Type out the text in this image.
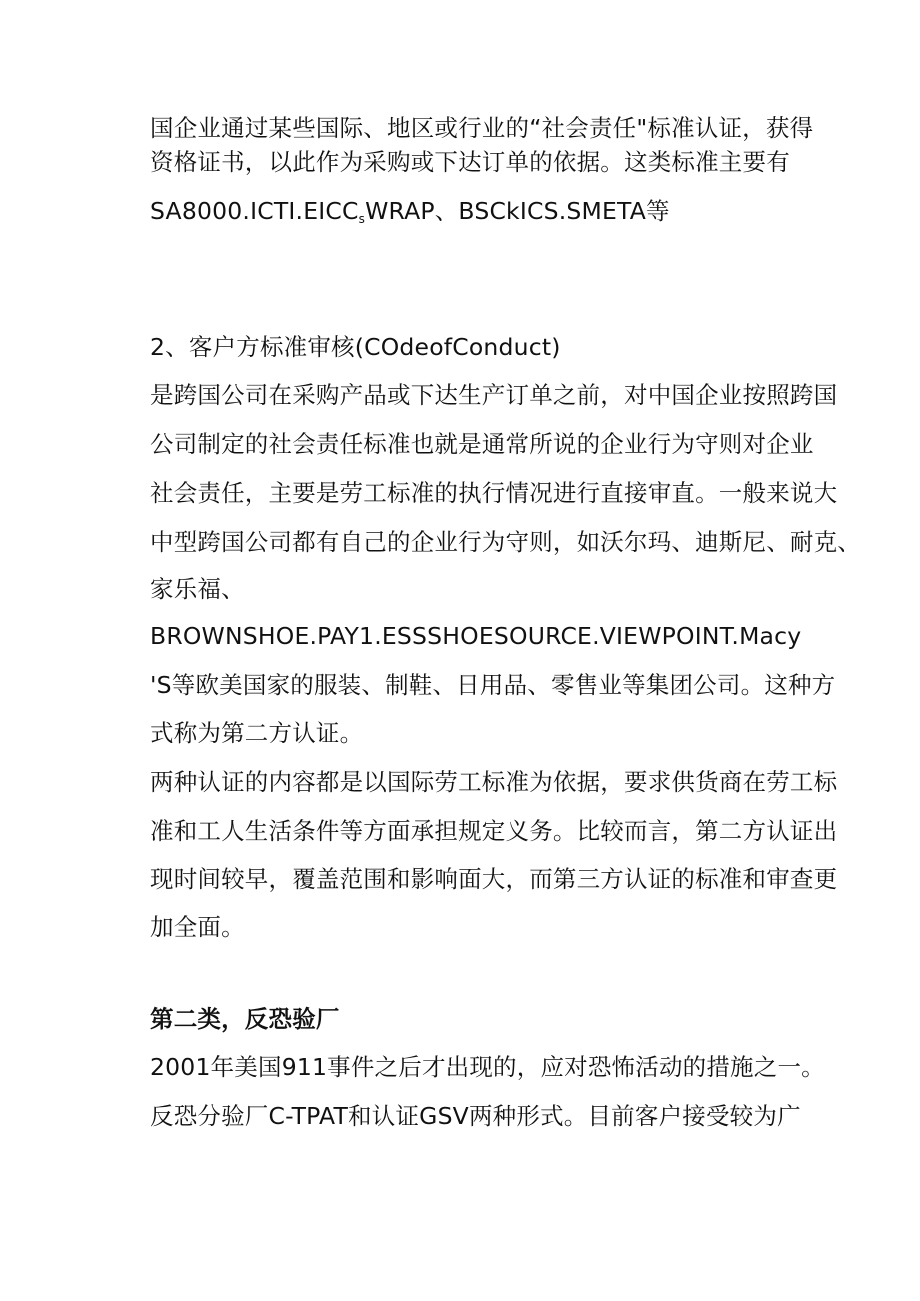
国企业通过某些国际、地区或行业的“社会责任"标准认证，获得
资格证书，以此作为采购或下达订单的依据。这类标准主要有
$SA8000.ICTI.EICC_sWRAP$、BSCkICS.SMETA等
2、客户方标准审核(COdeofConduct)
是跨国公司在采购产品或下达生产订单之前，对中国企业按照跨国
公司制定的社会责任标准也就是通常所说的企业行为守则对企业
社会责任，主要是劳工标准的执行情况进行直接审直。一般来说大
中型跨国公司都有自己的企业行为守则，如沃尔玛、迪斯尼、耐克、
家乐福、
BROWNSHOE.PAY1.ESSSHOESOURCE.VIEWPOINT.Macy
'S等欧美国家的服装、制鞋、日用品、零售业等集团公司。这种方
式称为第二方认证。
两种认证的内容都是以国际劳工标准为依据，要求供货商在劳工标
准和工人生活条件等方面承担规定义务。比较而言，第二方认证出
现时间较早，覆盖范围和影响面大，而第三方认证的标准和审查更
加全面。
第二类，反恐验厂
2001年美国911事件之后才出现的，应对恐怖活动的措施之一。
反恐分验厂C-TPAT和认证GSV两种形式。目前客户接受较为广
